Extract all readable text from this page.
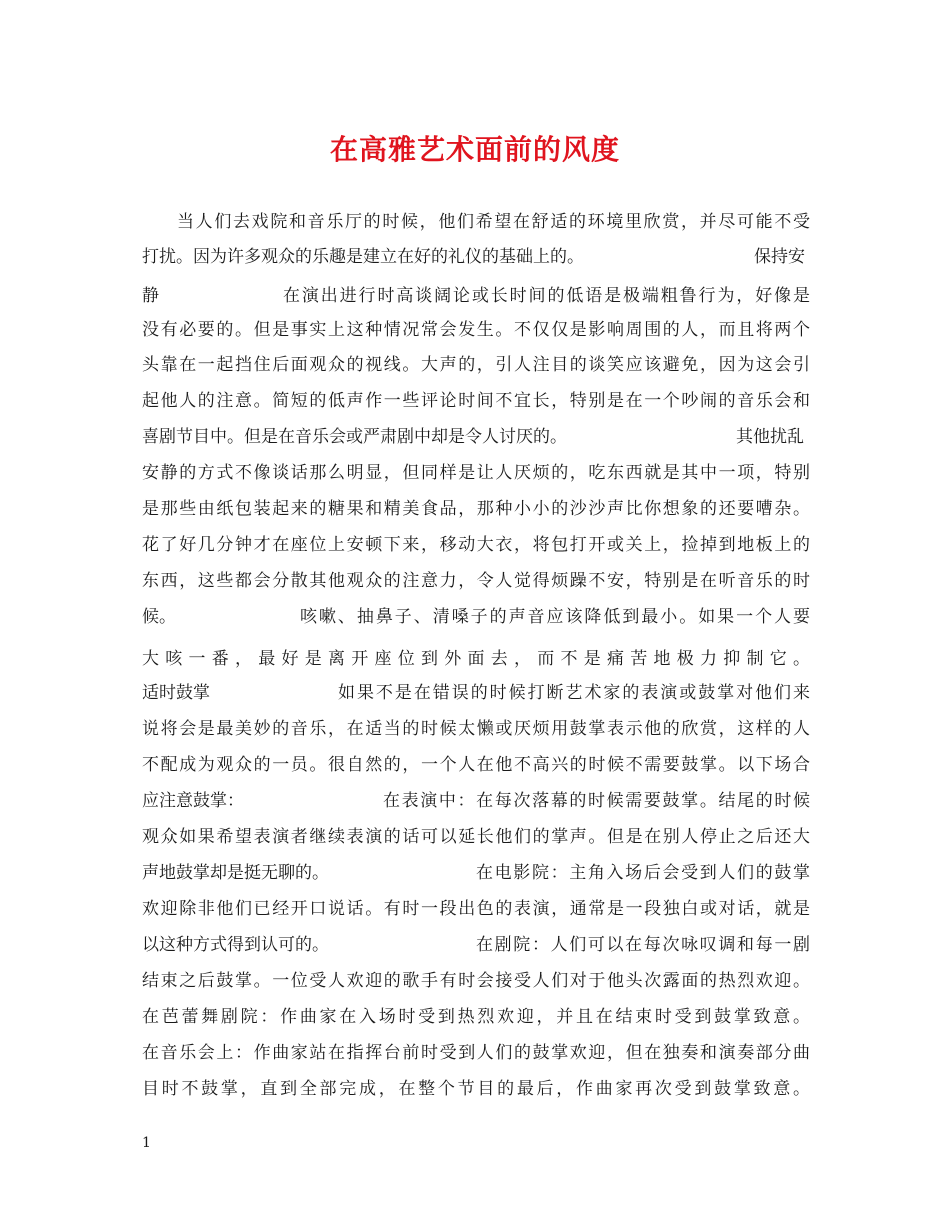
在高雅艺术面前的风度
当人们去戏院和音乐厅的时候，他们希望在舒适的环境里欣赏，并尽可能不受
打扰。因为许多观众的乐趣是建立在好的礼仪的基础上的。	保持安
静	在演出进行时高谈阔论或长时间的低语是极端粗鲁行为，好像是
没有必要的。但是事实上这种情况常会发生。不仅仅是影响周围的人，而且将两个
头靠在一起挡住后面观众的视线。大声的，引人注目的谈笑应该避免，因为这会引
起他人的注意。简短的低声作一些评论时间不宜长，特别是在一个吵闹的音乐会和
喜剧节目中。但是在音乐会或严肃剧中却是令人讨厌的。	其他扰乱
安静的方式不像谈话那么明显，但同样是让人厌烦的，吃东西就是其中一项，特别
是那些由纸包装起来的糖果和精美食品，那种小小的沙沙声比你想象的还要嘈杂。
花了好几分钟才在座位上安顿下来，移动大衣，将包打开或关上，捡掉到地板上的
东西，这些都会分散其他观众的注意力，令人觉得烦躁不安，特别是在听音乐的时
候。	咳嗽、抽鼻子、清嗓子的声音应该降低到最小。如果一个人要
大咳一番，最好是离开座位到外面去，而不是痛苦地极力抑制它。
适时鼓掌	如果不是在错误的时候打断艺术家的表演或鼓掌对他们来
说将会是最美妙的音乐，在适当的时候太懒或厌烦用鼓掌表示他的欣赏，这样的人
不配成为观众的一员。很自然的，一个人在他不高兴的时候不需要鼓掌。以下场合
应注意鼓掌：	在表演中：在每次落幕的时候需要鼓掌。结尾的时候
观众如果希望表演者继续表演的话可以延长他们的掌声。但是在别人停止之后还大
声地鼓掌却是挺无聊的。	在电影院：主角入场后会受到人们的鼓掌
欢迎除非他们已经开口说话。有时一段出色的表演，通常是一段独白或对话，就是
以这种方式得到认可的。	在剧院：人们可以在每次咏叹调和每一剧
结束之后鼓掌。一位受人欢迎的歌手有时会接受人们对于他头次露面的热烈欢迎。
在芭蕾舞剧院：作曲家在入场时受到热烈欢迎，并且在结束时受到鼓掌致意。
在音乐会上：作曲家站在指挥台前时受到人们的鼓掌欢迎，但在独奏和演奏部分曲
目时不鼓掌，直到全部完成，在整个节目的最后，作曲家再次受到鼓掌致意。
1
